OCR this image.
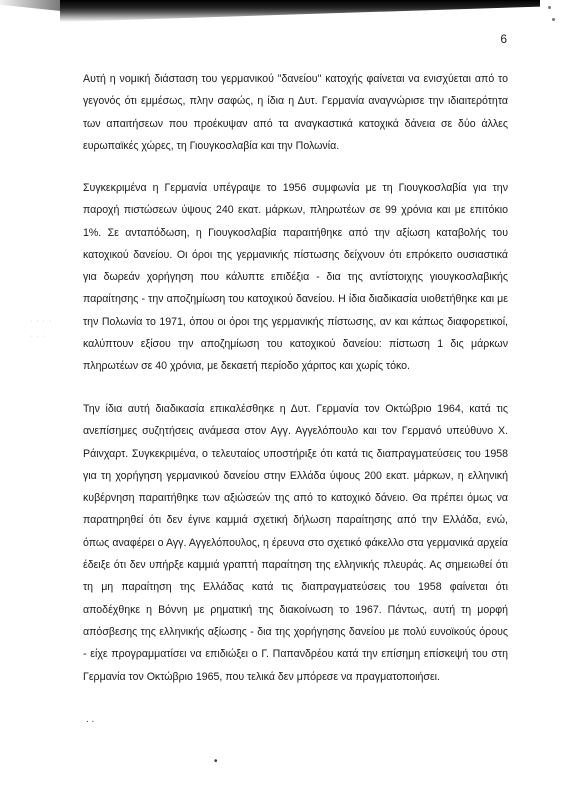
· · · ·
· · ·
6

Αυτή η νομική διάσταση του γερμανικού "δανείου" κατοχής φαίνεται να ενισχύεται από το γεγονός ότι εμμέσως, πλην σαφώς, η ίδια η Δυτ. Γερμανία αναγνώρισε την ιδιαιτερότητα των απαιτήσεων που προέκυψαν από τα αναγκαστικά κατοχικά δάνεια σε δύο άλλες ευρωπαϊκές χώρες, τη Γιουγκοσλαβία και την Πολωνία.

Συγκεκριμένα η Γερμανία υπέγραψε το 1956 συμφωνία με τη Γιουγκοσλαβία για την παροχή πιστώσεων ύψους 240 εκατ. μάρκων, πληρωτέων σε 99 χρόνια και με επιτόκιο 1%. Σε ανταπόδωση, η Γιουγκοσλαβία παραιτήθηκε από την αξίωση καταβολής του κατοχικού δανείου. Οι όροι της γερμανικής πίστωσης δείχνουν ότι επρόκειτο ουσιαστικά για δωρεάν χορήγηση που κάλυπτε επιδέξια - δια της αντίστοιχης γιουγκοσλαβικής παραίτησης - την αποζημίωση του κατοχικού δανείου. Η ίδια διαδικασία υιοθετήθηκε και με την Πολωνία το 1971, όπου οι όροι της γερμανικής πίστωσης, αν και κάπως διαφορετικοί, καλύπτουν εξίσου την αποζημίωση του κατοχικού δανείου: πίστωση 1 δις μάρκων πληρωτέων σε 40 χρόνια, με δεκαετή περίοδο χάριτος και χωρίς τόκο.

Την ίδια αυτή διαδικασία επικαλέσθηκε η Δυτ. Γερμανία τον Οκτώβριο 1964, κατά τις ανεπίσημες συζητήσεις ανάμεσα στον Αγγ. Αγγελόπουλο και τον Γερμανό υπεύθυνο Χ. Ράινχαρτ. Συγκεκριμένα, ο τελευταίος υποστήριξε ότι κατά τις διαπραγματεύσεις του 1958 για τη χορήγηση γερμανικού δανείου στην Ελλάδα ύψους 200 εκατ. μάρκων, η ελληνική κυβέρνηση παραιτήθηκε των αξιώσεών της από το κατοχικό δάνειο. Θα πρέπει όμως να παρατηρηθεί ότι δεν έγινε καμμιά σχετική δήλωση παραίτησης από την Ελλάδα, ενώ, όπως αναφέρει ο Αγγ. Αγγελόπουλος, η έρευνα στο σχετικό φάκελλο στα γερμανικά αρχεία έδειξε ότι δεν υπήρξε καμμιά γραπτή παραίτηση της ελληνικής πλευράς. Ας σημειωθεί ότι τη μη παραίτηση της Ελλάδας κατά τις διαπραγματεύσεις του 1958 φαίνεται ότι αποδέχθηκε η Βόννη με ρηματική της διακοίνωση το 1967. Πάντως, αυτή τη μορφή απόσβεσης της ελληνικής αξίωσης - δια της χορήγησης δανείου με πολύ ευνοϊκούς όρους - είχε προγραμματίσει να επιδιώξει ο Γ. Παπανδρέου κατά την επίσημη επίσκεψή του στη Γερμανία τον Οκτώβριο 1965, που τελικά δεν μπόρεσε να πραγματοποιήσει.

. .
•
